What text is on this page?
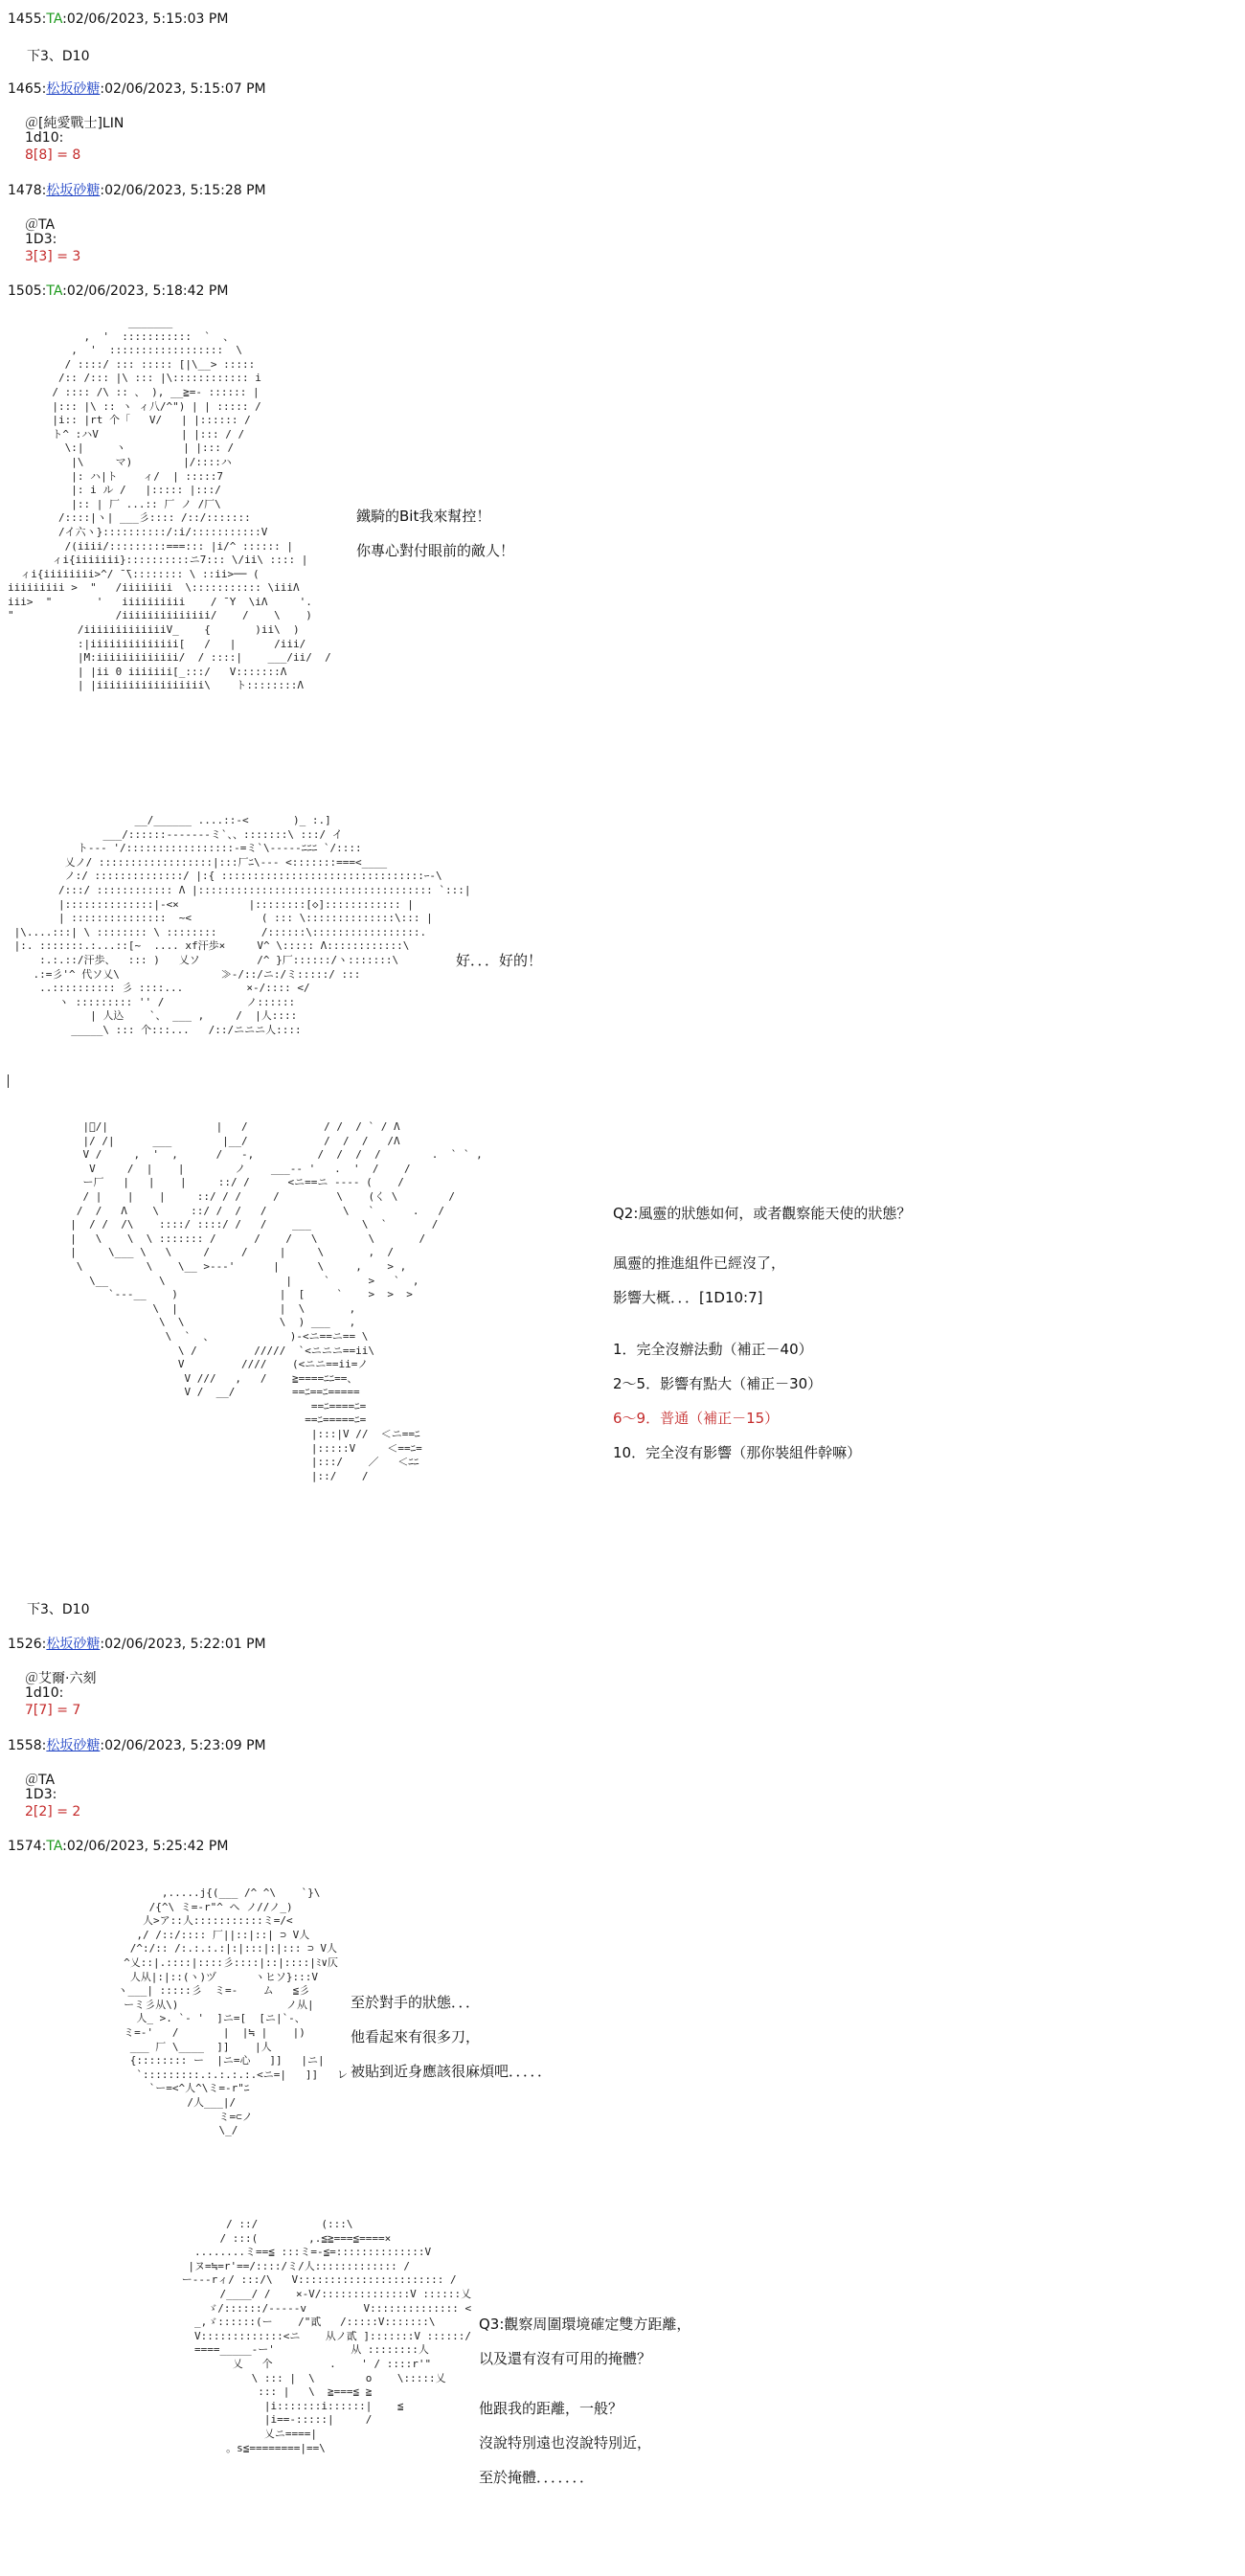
1455:TA:02/06/2023, 5:15:03 PM
下3、D10
1465:松坂砂糖:02/06/2023, 5:15:07 PM
＠[純愛戰士]LIN
1d10:
8[8] = 8
1478:松坂砂糖:02/06/2023, 5:15:28 PM
＠TA
1D3:
3[3] = 3
1505:TA:02/06/2023, 5:18:42 PM
_______
,  '  :::::::::::  `  、
,  '  ::::::::::::::::::  \
/ ::::/ ::: ::::: [|\__> :::::
/:: /::: |\ ::: |\:::::::::::: i
/ :::: /\ :: 、 ), __≧=- :::::: |
|::: |\ :: ヽ ィ八/^") | | ::::: /
|i:: |rt 个「   V/   | |:::::: /
ト^ :ハV             | |::: / /
\:|     ヽ         | |::: /
|\     マ)        |/::::ハ
|: ハ|ト    ィ/  | :::::7
|: i ル /   |::::: |:::/
|:: | 厂 ...:: 厂 ノ /厂\
/::::|ヽ| ___彡:::: /::/:::::::
/イ六ヽ}::::::::::/:i/:::::::::::V
/(iiii/:::::::::===::: |i/^ :::::: |
ィi{iiiiiii}::::::::::ニ7::: \/ii\ :::: |
ィi{iiiiiiii>^/ ̄ ̄\:::::::: \ ::ii>── (
iiiiiiiii >  "   /iiiiiiii  \::::::::::: \iiiΛ
iii>  "       '   iiiiiiiiii    / ̄ Y  \iΛ     '.
"                /iiiiiiiiiiiiii/    /    \    )
/iiiiiiiiiiiiiV_    {       )ii\  )
:|iiiiiiiiiiiiii[   /   |      /iii/
|M:iiiiiiiiiiiii/  / ::::|    ___/ii/  /
| |ii 0 iiiiiii[_:::/   V:::::::Λ
| |iiiiiiiiiiiiiiiii\    ト::::::::Λ
鐵騎的Bit我來幫控！
你專心對付眼前的敵人！
__/______ ....::-<       )_ :.]
___/::::::-------ミ`、、:::::::\ :::/ イ
ト--- '/:::::::::::::::::-=ミ`\-----ﾆﾆﾆ `/::::
乂ノ/ ::::::::::::::::::|:::厂ﾆ\--- <:::::::===<____
ノ:/ ::::::::::::::/ |:{ ::::::::::::::::::::::::::::::::ｰ-\
/:::/ :::::::::::: Λ |::::::::::::::::::::::::::::::::::::: `:::|
|::::::::::::::|-<×           |::::::::[◇]:::::::::::: |
| :::::::::::::::  ~<           ( ::: \::::::::::::::\::: |
|\....:::| \ :::::::: \ ::::::::       /::::::\:::::::::::::::::.
|:. :::::::.:...::[~  .... xf汗歩×     V^ \::::: Λ::::::::::::\
:.:.::/汗歩、  ::: )   乂ソ         /^ }厂::::::/ヽ:::::::\
.:=彡'^ 代ソ乂\                ≫-/::/ニ:/ミ:::::/ :::
..:::::::::: 彡 ::::...          ×-/:::: </
ヽ ::::::::: '' /             ノ::::::
| 人込    `、 ___ ,     /  |人::::
_____\ ::: 个:::...   /::/ニニニ人::::
好．．．好的！
|゙/|                 |   /            / /  / ` / Λ
|/ /|      ___        |__/            /  /  /   /Λ
V /     ,  '  ,      /   -,          /  /  /  /        .  ` ` ,
V     /  |    |        ノ    ___-- '   .  '  /    /
ー厂   |   |    |     ::/ /      <ニ==ニ ---- (    /
/ |    |    |     ::/ / /     /         \    (く \        /
/  /   Λ    \     ::/ /  /   /            \   `      .   /
|  / /  /\    ::::/ ::::/ /   /    ___        \  `       /
|   \    \  \ ::::::: /      /    /   \        \       /
|     \___ \   \     /     /     |     \       ,  /
\          \    \__ >---'      |      \     ,    > ,
\__        \                   |     `      >   `  ,
`---__    )                |  [     `    >  >  >
\  |                |  \       ,
\  \               \  ) ___   ,
\  `  、            )-<ニ==ニ== \
\ /         /////  `<ニニニ==ii\
V         ////    (<ニニ==ii=ノ
V ///   ,   /    ≧====ﾆﾆ==、
V /  __/         ==ﾆ==ﾆ=====
==ﾆ====ﾆ=
==ﾆ=====ﾆ=
|:::|V //  ＜ニ==ﾆ
|:::::V     ＜==ﾆ=
|:::/    ／   ＜ﾆﾆ
|::/    /
Q2:風靈的狀態如何，或者觀察能天使的狀態？
風靈的推進組件已經沒了，
影響大概．．．[1D10:7]
1．完全沒辦法動（補正－40）
2～5．影響有點大（補正－30）
6～9．普通（補正－15）
10．完全沒有影響（那你裝組件幹嘛）
下3、D10
1526:松坂砂糖:02/06/2023, 5:22:01 PM
＠艾爾·六刻
1d10:
7[7] = 7
1558:松坂砂糖:02/06/2023, 5:23:09 PM
＠TA
1D3:
2[2] = 2
1574:TA:02/06/2023, 5:25:42 PM
,.....j{(___ /^ ^\    `}\
/{^\ ミ=-r"^ ヘ ノ//ノ_)
人>ア::人:::::::::::ミ=/<
,/ /::/:::: 厂||::|::| ⊃ V人
/^:/:: /:.:.:.:|:|:::|:|::: ⊃ V人
^乂::|.::::|::::彡::::|::|::::|ﾐ∨仄
人从|:|::(ヽ)ヅ      ヽヒソ}:::V
ヽ___| :::::彡  ミ=-    ム   ≦彡
ーミ彡从\)                 ノ从|
人_ >. `- '  ]ニ=[  [ニ|`-、
ミ=-'   /       |  |≒ |    |)
___ 厂 \____  ]]    |人
{:::::::: ー  |ニ=心   ]]   |ニ|
`:::::::::.:.:.:.:.<ニ=|   ]]   レ
`ー=<^人^\ミ=-r"ﾆ
/人___|/
ミ=⊂ノ
\_/
至於對手的狀態．．．
他看起來有很多刀，
被貼到近身應該很麻煩吧．．．．．
/ ::/          (:::\
/ :::(        ,.≦≧===≦====×
........ミ==≦ :::ミ=-≦=::::::::::::::V
|ヌ=≒=r'==/::::/ミ/人::::::::::::: /
ー---rィ/ :::/\   V::::::::::::::::::::::: /
/____/ /    ×-V/::::::::::::::V ::::::乂
ゞ/::::::/-----v         V:::::::::::::: <
_,ゞ::::::(ー    /"貳   /:::::V:::::::\
V:::::::::::::<ニ    从ノ貳 ]:::::::V ::::::/
====_____-ー'            从 ::::::::人
乂   个         .    ' / ::::r'"
\ ::: |  \        o    \:::::乂
::: |   \  ≧===≦ ≧
|i:::::::i::::::|    ≦
|i==-:::::|     /
乂ニ====|
。s≦========|==\
Q3:觀察周圍環境確定雙方距離，
以及還有沒有可用的掩體？
他跟我的距離，一般？
沒說特別遠也沒說特別近，
至於掩體．．．．．．．
